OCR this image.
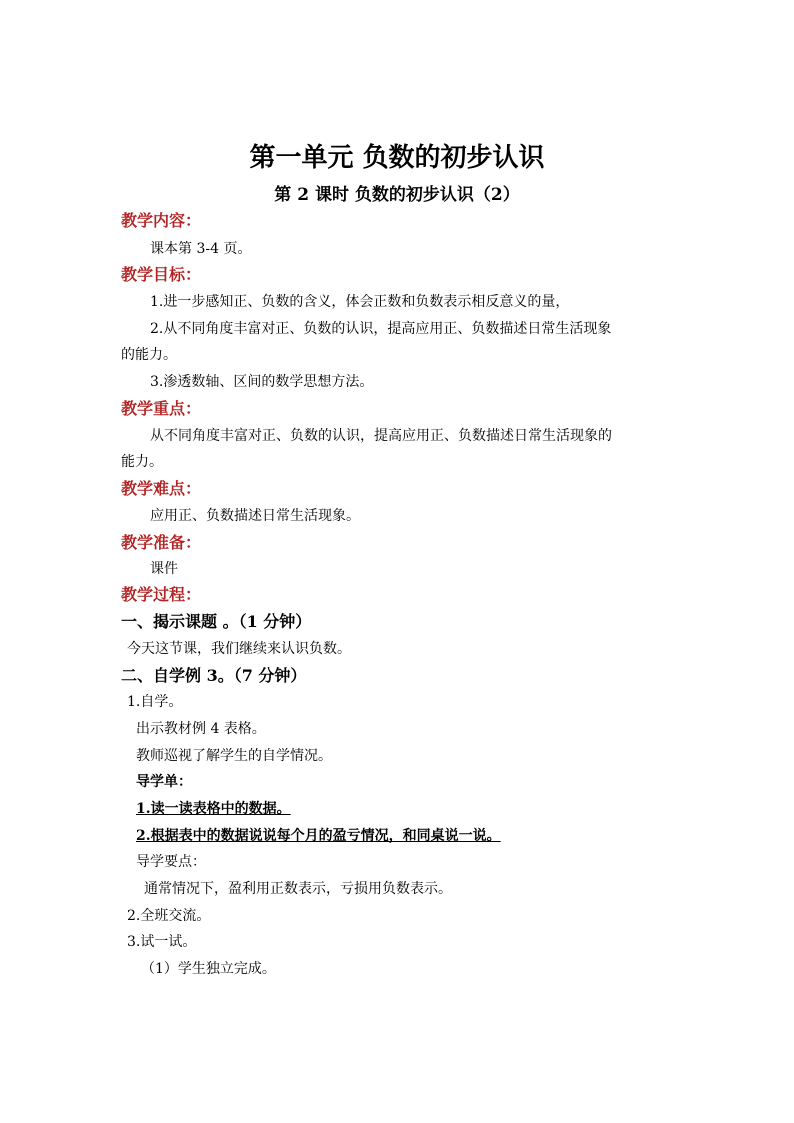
第一单元 负数的初步认识
第 2 课时 负数的初步认识（2）
教学内容：
课本第 3-4 页。
教学目标：
1.进一步感知正、负数的含义，体会正数和负数表示相反意义的量，
2.从不同角度丰富对正、负数的认识，提高应用正、负数描述日常生活现象
的能力。
3.渗透数轴、区间的数学思想方法。
教学重点：
从不同角度丰富对正、负数的认识，提高应用正、负数描述日常生活现象的
能力。
教学难点：
应用正、负数描述日常生活现象。
教学准备：
课件
教学过程：
一、揭示课题 。（1 分钟）
今天这节课，我们继续来认识负数。
二、自学例 3。（7 分钟）
1.自学。
出示教材例 4 表格。
教师巡视了解学生的自学情况。
导学单：
1.读一读表格中的数据。
2.根据表中的数据说说每个月的盈亏情况，和同桌说一说。
导学要点：
通常情况下，盈利用正数表示，亏损用负数表示。
2.全班交流。
3.试一试。
（1）学生独立完成。
